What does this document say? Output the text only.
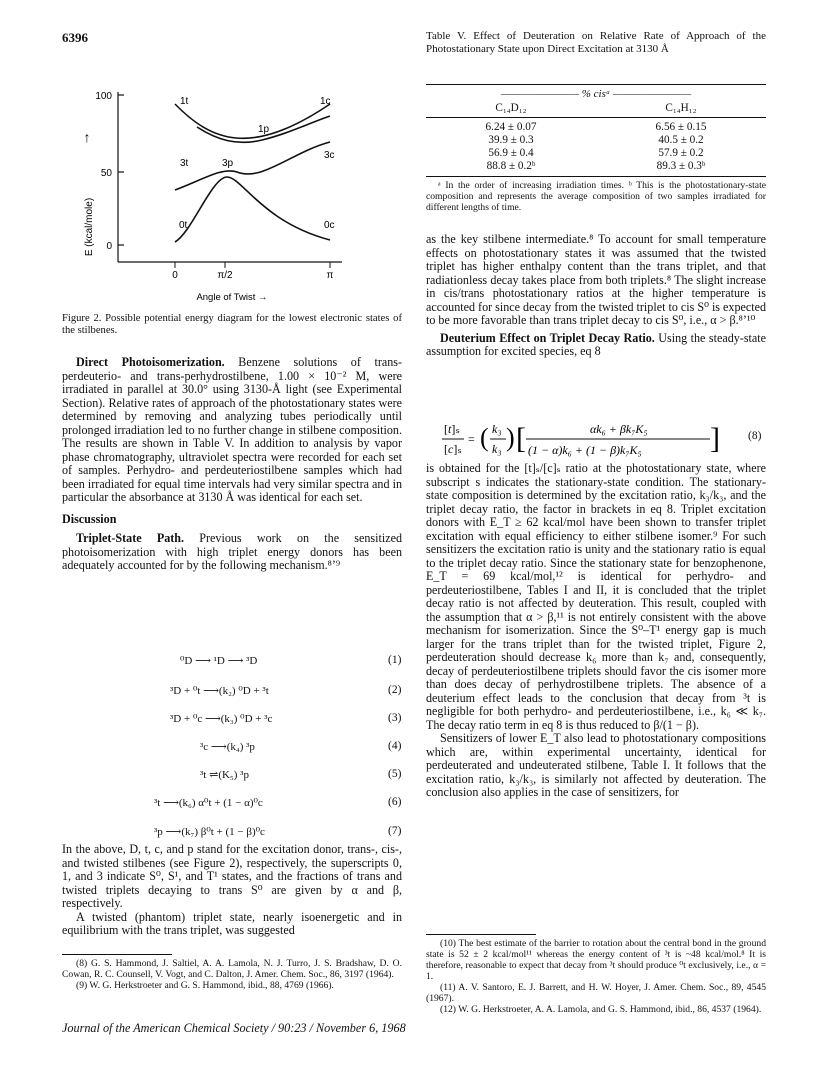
6396
E (kcal/mole)
↑
100
50
0
0	π/2	π
Angle of Twist →
1t	1c
1p
3c
3t	3p
0t	0c
Figure 2. Possible potential energy diagram for the lowest electronic states of the stilbenes.

Direct Photoisomerization. Benzene solutions of trans-perdeuterio- and trans-perhydrostilbene, 1.00 × 10⁻² M, were irradiated in parallel at 30.0° using 3130-Å light (see Experimental Section). Relative rates of approach of the photostationary states were determined by removing and analyzing tubes periodically until prolonged irradiation led to no further change in stilbene composition. The results are shown in Table V. In addition to analysis by vapor phase chromatography, ultraviolet spectra were recorded for each set of samples. Perhydro- and perdeuteriostilbene samples which had been irradiated for equal time intervals had very similar spectra and in particular the absorbance at 3130 Å was identical for each set.

Discussion

Triplet-State Path. Previous work on the sensitized photoisomerization with high triplet energy donors has been adequately accounted for by the following mechanism.⁸ʼ⁹

⁰D ⟶ ¹D ⟶ ³D	(1)
³D + ⁰t ⟶(k₂) ⁰D + ³t	(2)
³D + ⁰c ⟶(k₃) ⁰D + ³c	(3)
³c ⟶(k₄) ³p	(4)
³t ⇌(K₅) ³p	(5)
³t ⟶(k₆) α⁰t + (1 − α)⁰c	(6)
³p ⟶(k₇) β⁰t + (1 − β)⁰c	(7)

In the above, D, t, c, and p stand for the excitation donor, trans-, cis-, and twisted stilbenes (see Figure 2), respectively, the superscripts 0, 1, and 3 indicate S⁰, S¹, and T¹ states, and the fractions of trans and twisted triplets decaying to trans S⁰ are given by α and β, respectively.

A twisted (phantom) triplet state, nearly isoenergetic and in equilibrium with the trans triplet, was suggested

(8) G. S. Hammond, J. Saltiel, A. A. Lamola, N. J. Turro, J. S. Bradshaw, D. O. Cowan, R. C. Counsell, V. Vogt, and C. Dalton, J. Amer. Chem. Soc., 86, 3197 (1964).

(9) W. G. Herkstroeter and G. S. Hammond, ibid., 88, 4769 (1966).

Table V. Effect of Deuteration on Relative Rate of Approach of the Photostationary State upon Direct Excitation at 3130 Å
———————— % cisᵃ ————————
C₁₄D₁₂	C₁₄H₁₂
6.24 ± 0.07	6.56 ± 0.15
39.9 ± 0.3	40.5 ± 0.2
56.9 ± 0.4	57.9 ± 0.2
88.8 ± 0.2ᵇ	89.3 ± 0.3ᵇ
ᵃ In the order of increasing irradiation times. ᵇ This is the photostationary-state composition and represents the average composition of two samples irradiated for different lengths of time.

as the key stilbene intermediate.⁸ To account for small temperature effects on photostationary states it was assumed that the twisted triplet has higher enthalpy content than the trans triplet, and that radiationless decay takes place from both triplets.⁸ The slight increase in cis/trans photostationary ratios at the higher temperature is accounted for since decay from the twisted triplet to cis S⁰ is expected to be more favorable than trans triplet decay to cis S⁰, i.e., α > β.⁸ʼ¹⁰

Deuterium Effect on Triplet Decay Ratio. Using the steady-state assumption for excited species, eq 8

[t]ₛ
[c]ₛ
= ( k₃
k₃ ) [	αk₆ + βk₇K₅
(1 − α)k₆ + (1 − β)k₇K₅ ] (8)

is obtained for the [t]ₛ/[c]ₛ ratio at the photostationary state, where subscript s indicates the stationary-state condition. The stationary-state composition is determined by the excitation ratio, k₃/k₃, and the triplet decay ratio, the factor in brackets in eq 8. Triplet excitation donors with E_T ≥ 62 kcal/mol have been shown to transfer triplet excitation with equal efficiency to either stilbene isomer.⁹ For such sensitizers the excitation ratio is unity and the stationary ratio is equal to the triplet decay ratio. Since the stationary state for benzophenone, E_T = 69 kcal/mol,¹² is identical for perhydro- and perdeuteriostilbene, Tables I and II, it is concluded that the triplet decay ratio is not affected by deuteration. This result, coupled with the assumption that α > β,¹¹ is not entirely consistent with the above mechanism for isomerization. Since the S⁰–T¹ energy gap is much larger for the trans triplet than for the twisted triplet, Figure 2, perdeuteration should decrease k₆ more than k₇ and, consequently, decay of perdeuteriostilbene triplets should favor the cis isomer more than does decay of perhydrostilbene triplets. The absence of a deuterium effect leads to the conclusion that decay from ³t is negligible for both perhydro- and perdeuteriostilbene, i.e., k₆ ≪ k₇. The decay ratio term in eq 8 is thus reduced to β/(1 − β).

Sensitizers of lower E_T also lead to photostationary compositions which are, within experimental uncertainty, identical for perdeuterated and undeuterated stilbene, Table I. It follows that the excitation ratio, k₃/k₃, is similarly not affected by deuteration. The conclusion also applies in the case of sensitizers, for

(10) The best estimate of the barrier to rotation about the central bond in the ground state is 52 ± 2 kcal/mol¹¹ whereas the energy content of ³t is ~48 kcal/mol.⁸ It is therefore, reasonable to expect that decay from ³t should produce ⁰t exclusively, i.e., α = 1.

(11) A. V. Santoro, E. J. Barrett, and H. W. Hoyer, J. Amer. Chem. Soc., 89, 4545 (1967).

(12) W. G. Herkstroeter, A. A. Lamola, and G. S. Hammond, ibid., 86, 4537 (1964).

Journal of the American Chemical Society / 90:23 / November 6, 1968
